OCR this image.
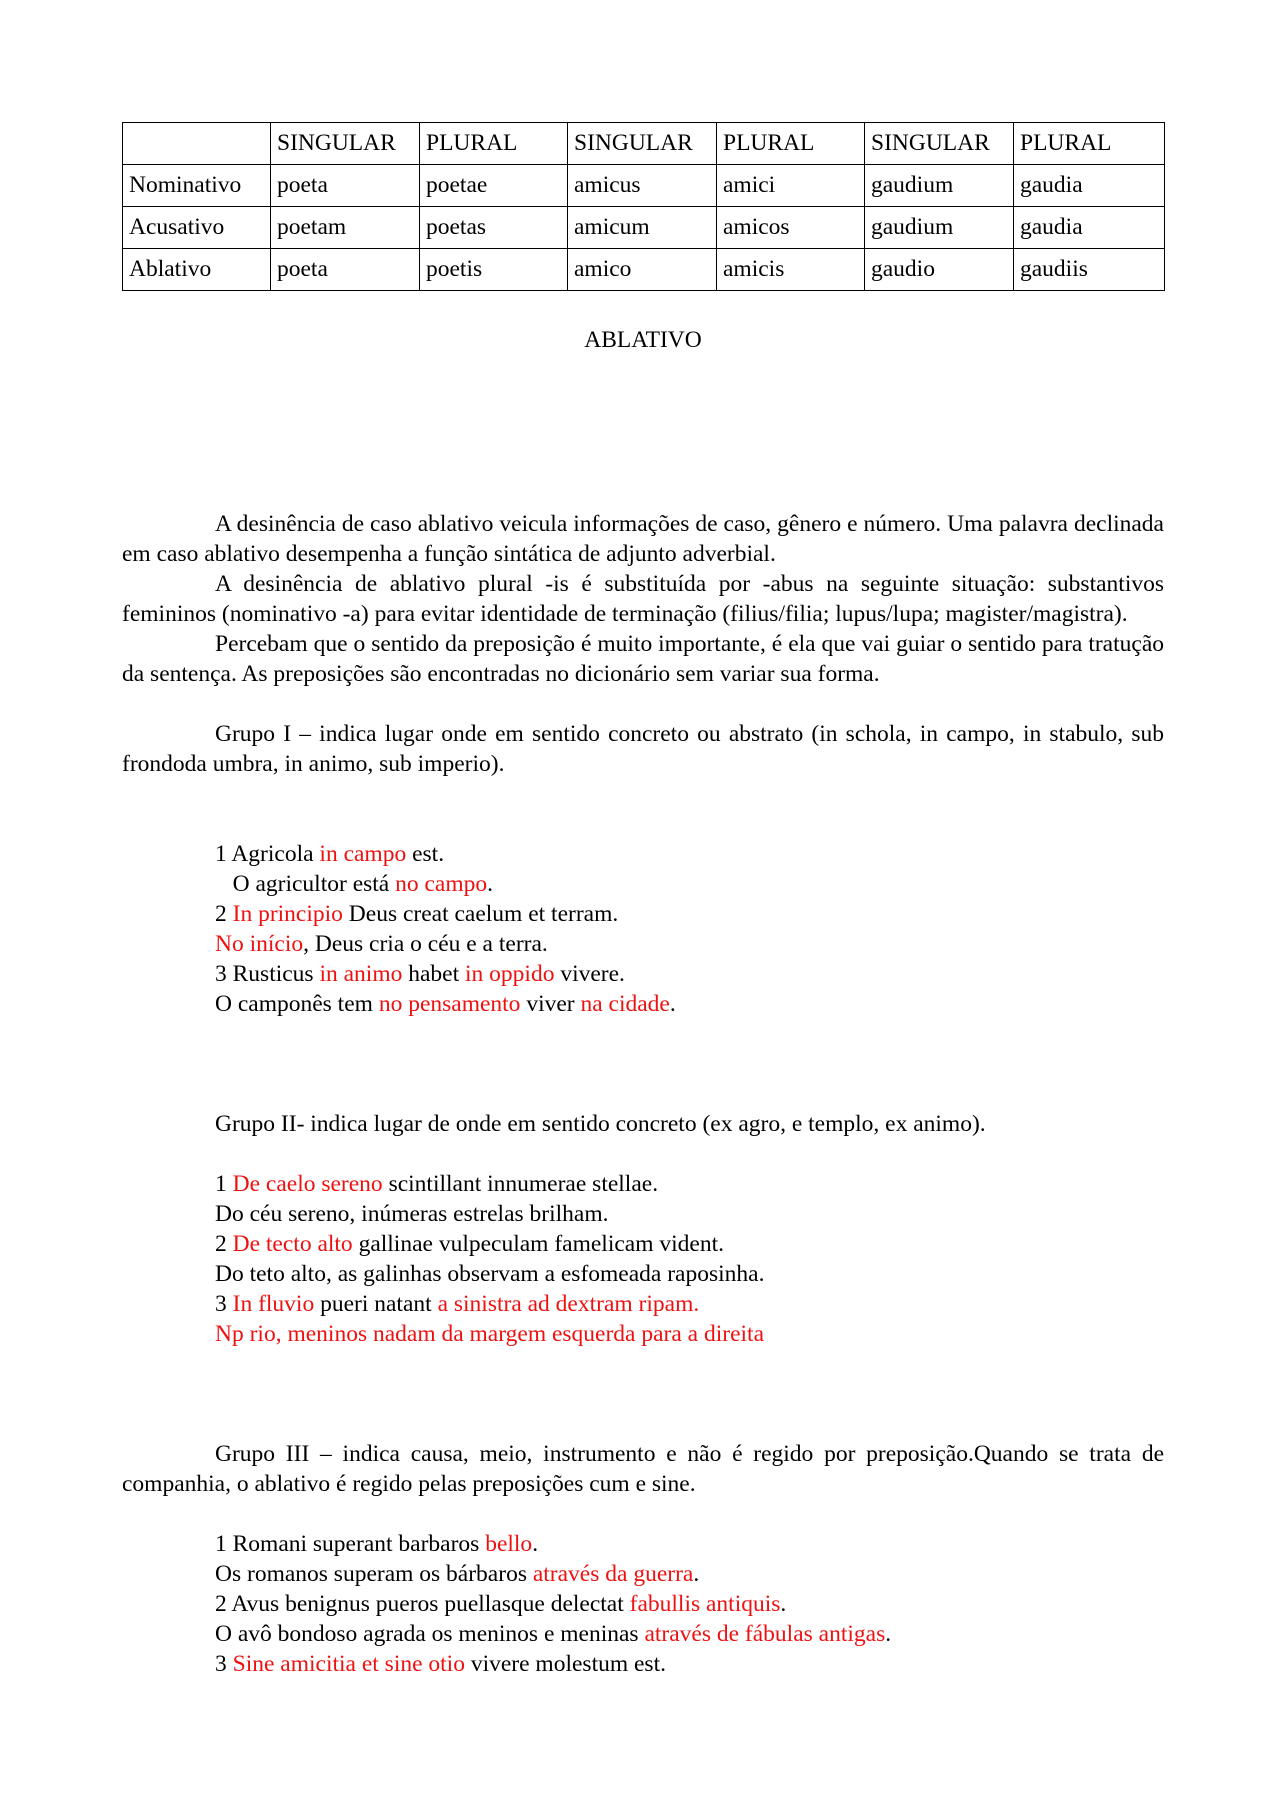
	SINGULAR	PLURAL	SINGULAR	PLURAL	SINGULAR	PLURAL
Nominativo	poeta	poetae	amicus	amici	gaudium	gaudia
Acusativo	poetam	poetas	amicum	amicos	gaudium	gaudia
Ablativo	poeta	poetis	amico	amicis	gaudio	gaudiis
ABLATIVO

A desinência de caso ablativo veicula informações de caso, gênero e número. Uma palavra declinada em caso ablativo desempenha a função sintática de adjunto adverbial.

A desinência de ablativo plural -is é substituída por -abus na seguinte situação: substantivos femininos (nominativo -a) para evitar identidade de terminação (filius/filia; lupus/lupa; magister/magistra).

Percebam que o sentido da preposição é muito importante, é ela que vai guiar o sentido para tratução da sentença. As preposições são encontradas no dicionário sem variar sua forma.

Grupo I – indica lugar onde em sentido concreto ou abstrato (in schola, in campo, in stabulo, sub frondoda umbra, in animo, sub imperio).

1 Agricola in campo est.
O agricultor está no campo.
2 In principio Deus creat caelum et terram.
No início, Deus cria o céu e a terra.
3 Rusticus in animo habet in oppido vivere.
O camponês tem no pensamento viver na cidade.

Grupo II- indica lugar de onde em sentido concreto (ex agro, e templo, ex animo).

1 De caelo sereno scintillant innumerae stellae.
Do céu sereno, inúmeras estrelas brilham.
2 De tecto alto gallinae vulpeculam famelicam vident.
Do teto alto, as galinhas observam a esfomeada raposinha.
3 In fluvio pueri natant a sinistra ad dextram ripam.
Np rio, meninos nadam da margem esquerda para a direita

Grupo III – indica causa, meio, instrumento e não é regido por preposição.Quando se trata de companhia, o ablativo é regido pelas preposições cum e sine.

1 Romani superant barbaros bello.
Os romanos superam os bárbaros através da guerra.
2 Avus benignus pueros puellasque delectat fabullis antiquis.
O avô bondoso agrada os meninos e meninas através de fábulas antigas.
3 Sine amicitia et sine otio vivere molestum est.
